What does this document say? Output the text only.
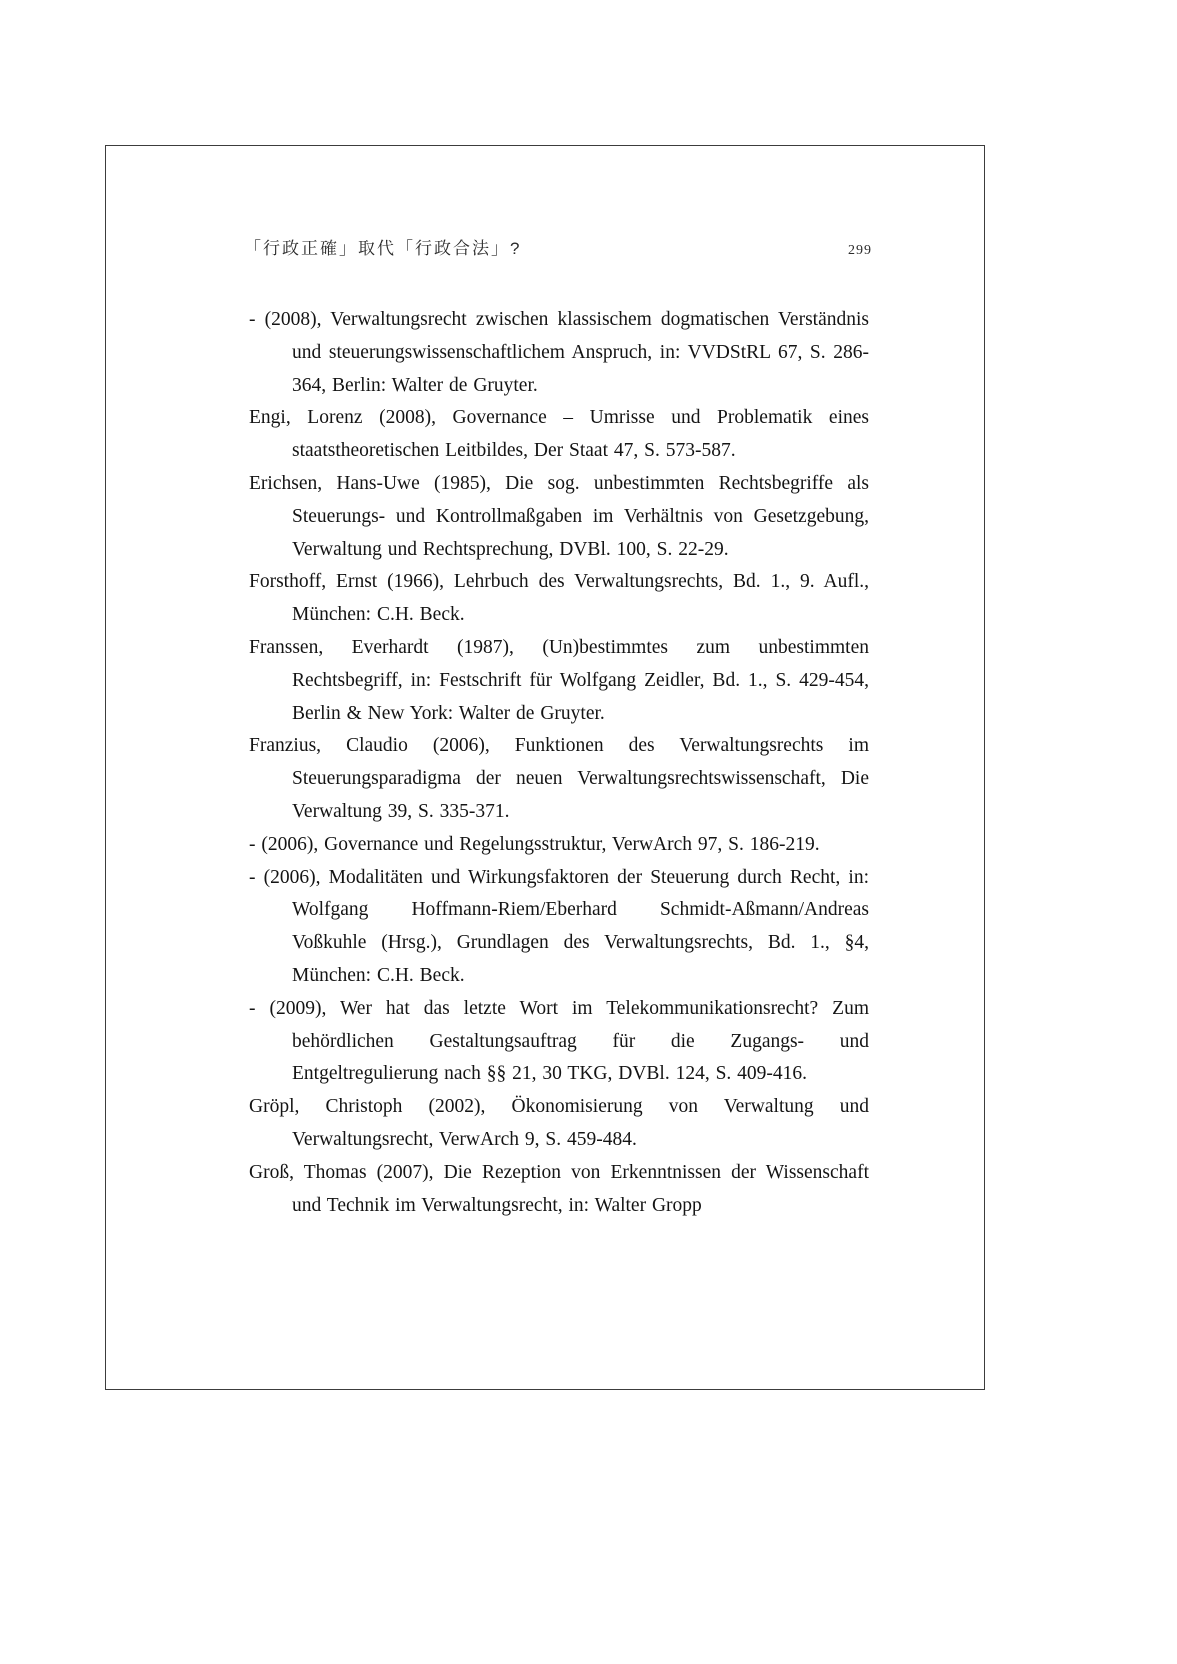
「行政正確」取代「行政合法」?	299

- (2008), Verwaltungsrecht zwischen klassischem dogmatischen Verständnis und steuerungswissenschaftlichem Anspruch, in: VVDStRL 67, S. 286-364, Berlin: Walter de Gruyter.

Engi, Lorenz (2008), Governance – Umrisse und Problematik eines staatstheoretischen Leitbildes, Der Staat 47, S. 573-587.

Erichsen, Hans-Uwe (1985), Die sog. unbestimmten Rechtsbegriffe als Steuerungs- und Kontrollmaßgaben im Verhältnis von Gesetzgebung, Verwaltung und Rechtsprechung, DVBl. 100, S. 22-29.

Forsthoff, Ernst (1966), Lehrbuch des Verwaltungsrechts, Bd. 1., 9. Aufl., München: C.H. Beck.

Franssen, Everhardt (1987), (Un)bestimmtes zum unbestimmten Rechtsbegriff, in: Festschrift für Wolfgang Zeidler, Bd. 1., S. 429-454, Berlin & New York: Walter de Gruyter.

Franzius, Claudio (2006), Funktionen des Verwaltungsrechts im Steuerungsparadigma der neuen Verwaltungsrechtswissenschaft, Die Verwaltung 39, S. 335-371.

- (2006), Governance und Regelungsstruktur, VerwArch 97, S. 186-219.

- (2006), Modalitäten und Wirkungsfaktoren der Steuerung durch Recht, in: Wolfgang Hoffmann-Riem/Eberhard Schmidt-Aßmann/Andreas Voßkuhle (Hrsg.), Grundlagen des Verwaltungsrechts, Bd. 1., §4, München: C.H. Beck.

- (2009), Wer hat das letzte Wort im Telekommunikationsrecht? Zum behördlichen Gestaltungsauftrag für die Zugangs- und Entgeltregulierung nach §§ 21, 30 TKG, DVBl. 124, S. 409-416.

Gröpl, Christoph (2002), Ökonomisierung von Verwaltung und Verwaltungsrecht, VerwArch 9, S. 459-484.

Groß, Thomas (2007), Die Rezeption von Erkenntnissen der Wissenschaft und Technik im Verwaltungsrecht, in: Walter Gropp
